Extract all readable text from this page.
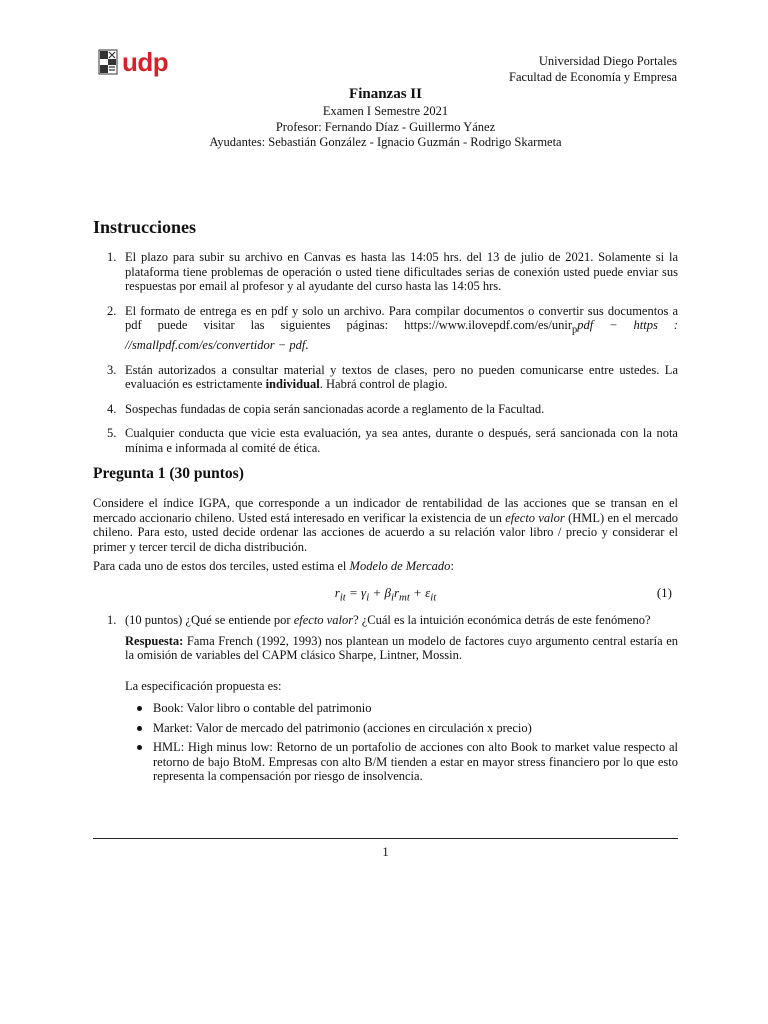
udp	Universidad Diego Portales
Facultad de Economía y Empresa
Finanzas II
Examen I Semestre 2021
Profesor: Fernando Díaz - Guillermo Yánez
Ayudantes: Sebastián González - Ignacio Guzmán - Rodrigo Skarmeta
Instrucciones
1. El plazo para subir su archivo en Canvas es hasta las 14:05 hrs. del 13 de julio de 2021. Solamente si la plataforma tiene problemas de operación o usted tiene dificultades serias de conexión usted puede enviar sus respuestas por email al profesor y al ayudante del curso hasta las 14:05 hrs.
2. El formato de entrega es en pdf y solo un archivo. Para compilar documentos o convertir sus documentos a pdf puede visitar las siguientes páginas: https://www.ilovepdf.com/es/unir$_p$pdf − https : //smallpdf.com/es/convertidor − pdf.
3. Están autorizados a consultar material y textos de clases, pero no pueden comunicarse entre ustedes. La evaluación es estrictamente individual. Habrá control de plagio.
4. Sospechas fundadas de copia serán sancionadas acorde a reglamento de la Facultad.
5. Cualquier conducta que vicie esta evaluación, ya sea antes, durante o después, será sancionada con la nota mínima e informada al comité de ética.
Pregunta 1 (30 puntos)
Considere el índice IGPA, que corresponde a un indicador de rentabilidad de las acciones que se transan en el mercado accionario chileno. Usted está interesado en verificar la existencia de un efecto valor (HML) en el mercado chileno. Para esto, usted decide ordenar las acciones de acuerdo a su relación valor libro / precio y considerar el primer y tercer tercil de dicha distribución.
Para cada uno de estos dos terciles, usted estima el Modelo de Mercado:
$r_{it} = \gamma_i + \beta_ir_{mt} + \varepsilon_{it}$	(1)
1. (10 puntos) ¿Qué se entiende por efecto valor? ¿Cuál es la intuición económica detrás de este fenómeno?
Respuesta: Fama French (1992, 1993) nos plantean un modelo de factores cuyo argumento central estaría en la omisión de variables del CAPM clásico Sharpe, Lintner, Mossin.
La especificación propuesta es:
Book: Valor libro o contable del patrimonio
Market: Valor de mercado del patrimonio (acciones en circulación x precio)
HML: High minus low: Retorno de un portafolio de acciones con alto Book to market value respecto al retorno de bajo BtoM. Empresas con alto B/M tienden a estar en mayor stress financiero por lo que esto representa la compensación por riesgo de insolvencia.
1
